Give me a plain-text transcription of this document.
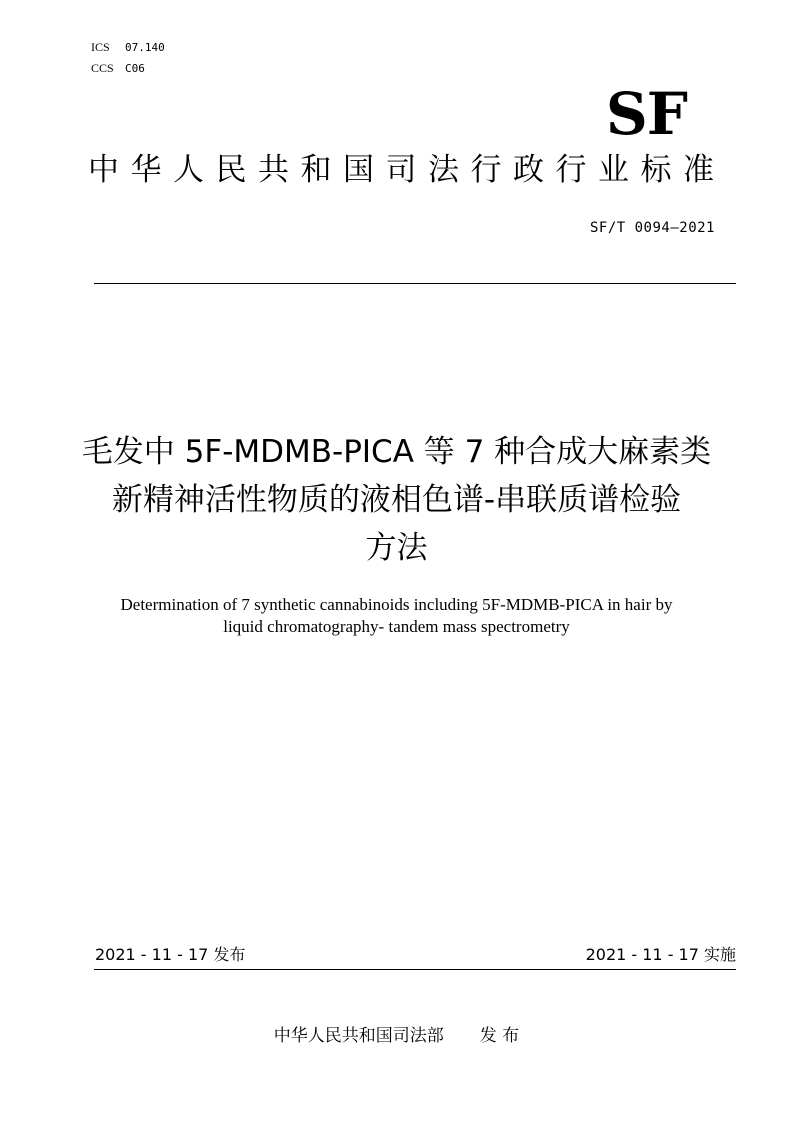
ICS 07.140
CCS C06
SF
中华人民共和国司法行政行业标准
SF/T 0094—2021
毛发中 5F-MDMB-PICA 等 7 种合成大麻素类
新精神活性物质的液相色谱-串联质谱检验
方法
Determination of 7 synthetic cannabinoids including 5F-MDMB-PICA in hair by
liquid chromatography- tandem mass spectrometry
2021 - 11 - 17 发布	2021 - 11 - 17 实施
中华人民共和国司法部 发 布
